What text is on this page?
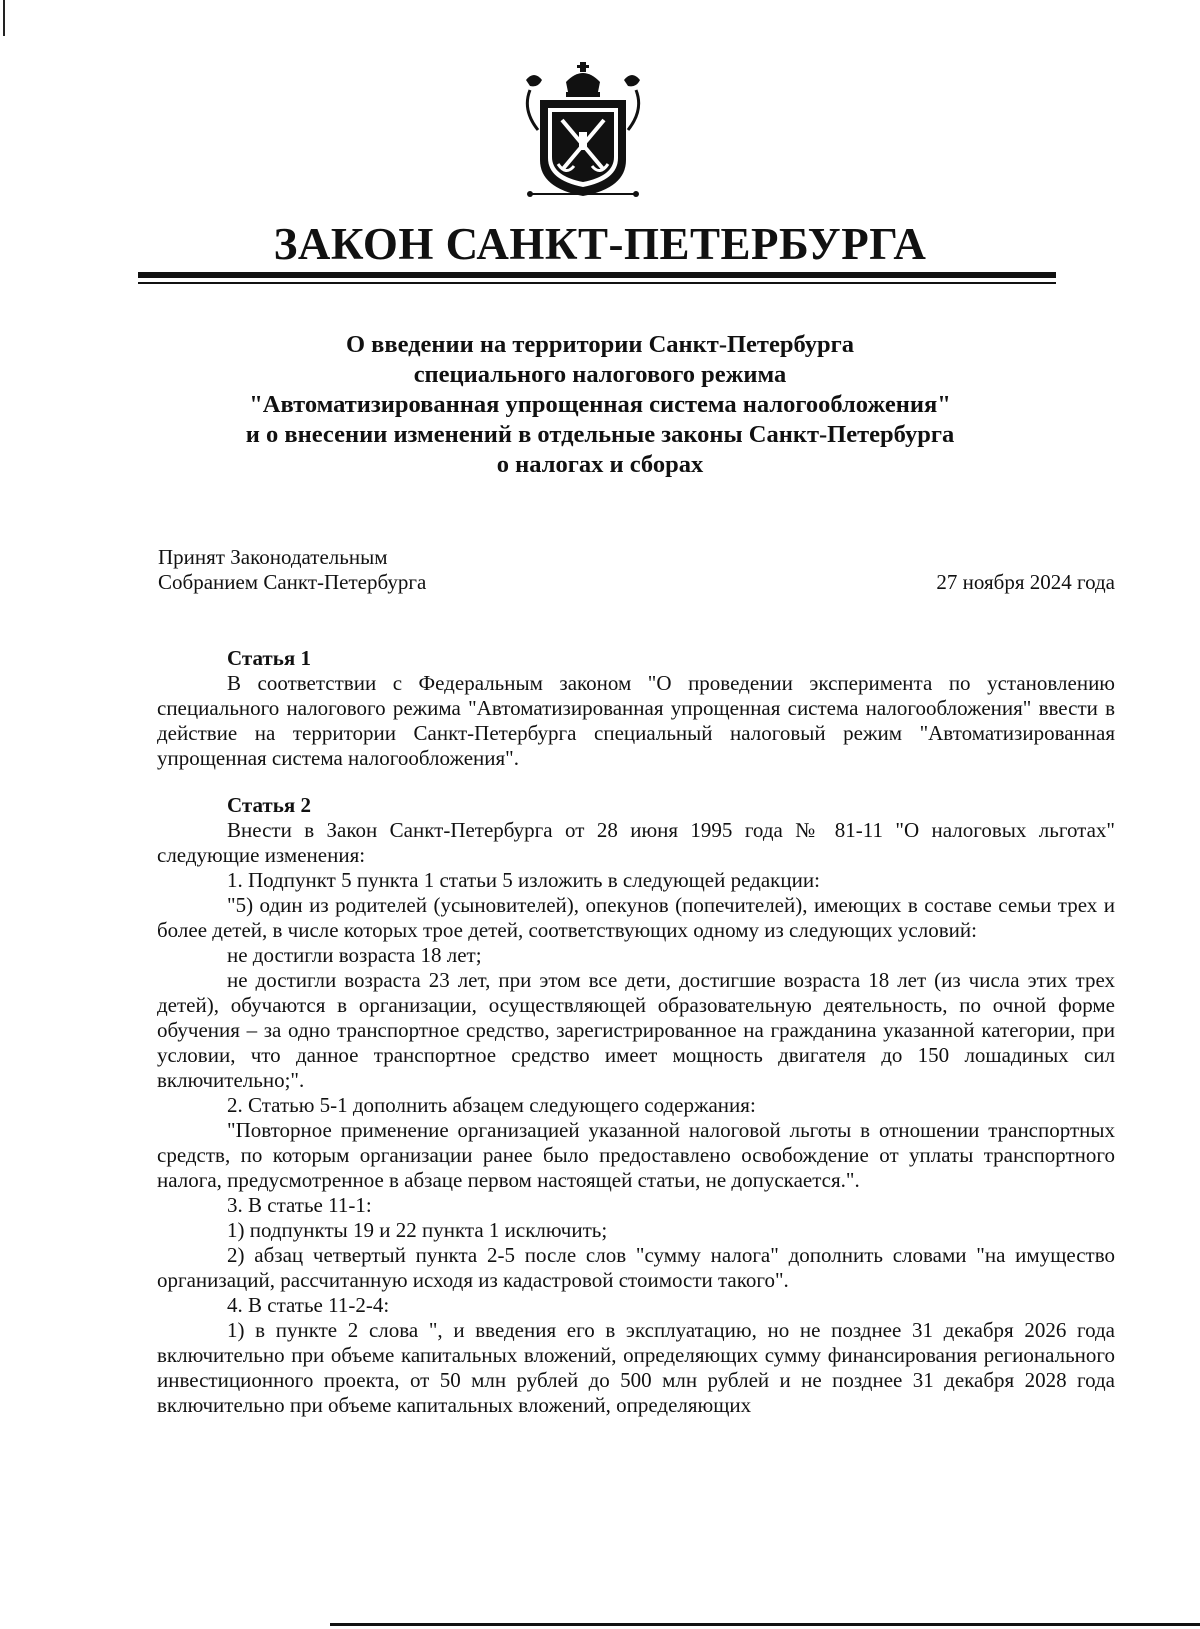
ЗАКОН САНКТ-ПЕТЕРБУРГА
О введении на территории Санкт-Петербурга
специального налогового режима
"Автоматизированная упрощенная система налогообложения"
и о внесении изменений в отдельные законы Санкт-Петербурга
о налогах и сборах
Принят Законодательным
Собранием Санкт-Петербурга	27 ноября 2024 года
Статья 1

В соответствии с Федеральным законом "О проведении эксперимента по установлению специального налогового режима "Автоматизированная упрощенная система налогообложения" ввести в действие на территории Санкт-Петербурга специальный налоговый режим "Автоматизированная упрощенная система налогообложения".

Статья 2

Внести в Закон Санкт-Петербурга от 28 июня 1995 года № 81-11 "О налоговых льготах" следующие изменения:

1. Подпункт 5 пункта 1 статьи 5 изложить в следующей редакции:

"5) один из родителей (усыновителей), опекунов (попечителей), имеющих в составе семьи трех и более детей, в числе которых трое детей, соответствующих одному из следующих условий:

не достигли возраста 18 лет;

не достигли возраста 23 лет, при этом все дети, достигшие возраста 18 лет (из числа этих трех детей), обучаются в организации, осуществляющей образовательную деятельность, по очной форме обучения – за одно транспортное средство, зарегистрированное на гражданина указанной категории, при условии, что данное транспортное средство имеет мощность двигателя до 150 лошадиных сил включительно;".

2. Статью 5-1 дополнить абзацем следующего содержания:

"Повторное применение организацией указанной налоговой льготы в отношении транспортных средств, по которым организации ранее было предоставлено освобождение от уплаты транспортного налога, предусмотренное в абзаце первом настоящей статьи, не допускается.".

3. В статье 11-1:

1) подпункты 19 и 22 пункта 1 исключить;

2) абзац четвертый пункта 2-5 после слов "сумму налога" дополнить словами "на имущество организаций, рассчитанную исходя из кадастровой стоимости такого".

4. В статье 11-2-4:

1) в пункте 2 слова ", и введения его в эксплуатацию, но не позднее 31 декабря 2026 года включительно при объеме капитальных вложений, определяющих сумму финансирования регионального инвестиционного проекта, от 50 млн рублей до 500 млн рублей и не позднее 31 декабря 2028 года включительно при объеме капитальных вложений, определяющих
